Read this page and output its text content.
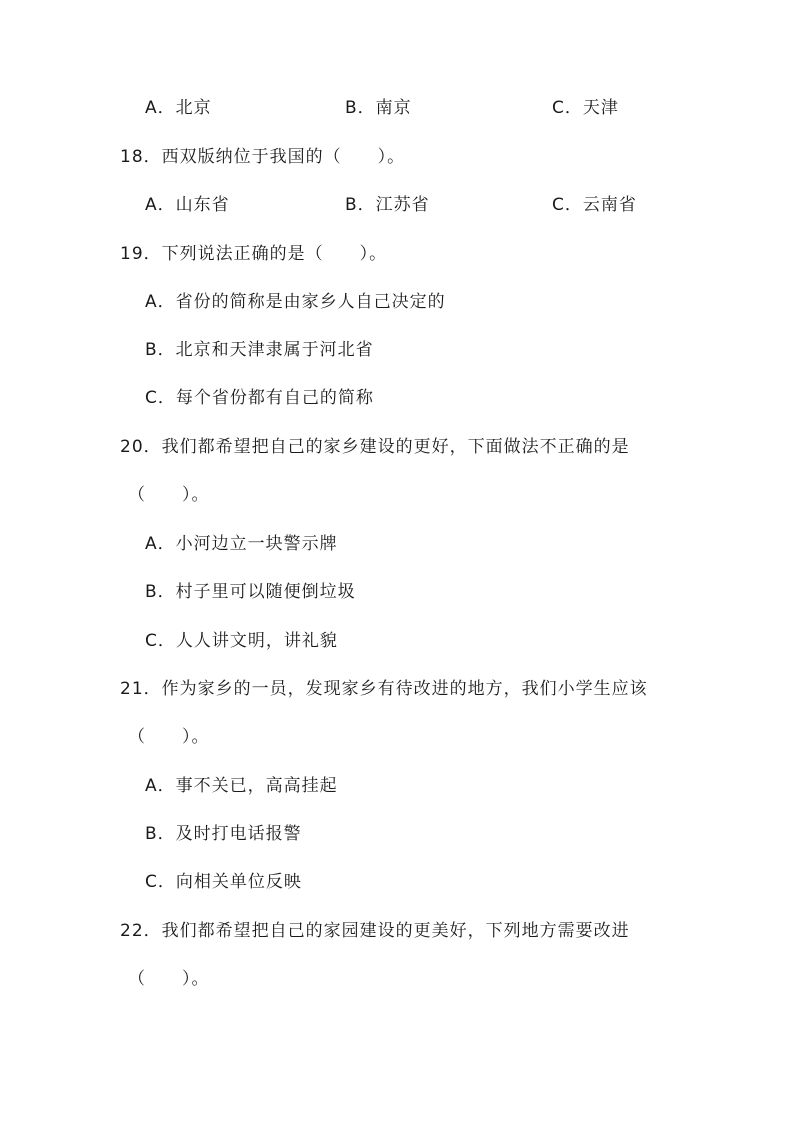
A．北京	B．南京	C．天津
18．西双版纳位于我国的（　　）。
A．山东省	B．江苏省	C．云南省
19．下列说法正确的是（　　）。
A．省份的简称是由家乡人自己决定的
B．北京和天津隶属于河北省
C．每个省份都有自己的简称
20．我们都希望把自己的家乡建设的更好，下面做法不正确的是
（　　）。
A．小河边立一块警示牌
B．村子里可以随便倒垃圾
C．人人讲文明，讲礼貌
21．作为家乡的一员，发现家乡有待改进的地方，我们小学生应该
（　　）。
A．事不关已，高高挂起
B．及时打电话报警
C．向相关单位反映
22．我们都希望把自己的家园建设的更美好，下列地方需要改进
（　　）。
